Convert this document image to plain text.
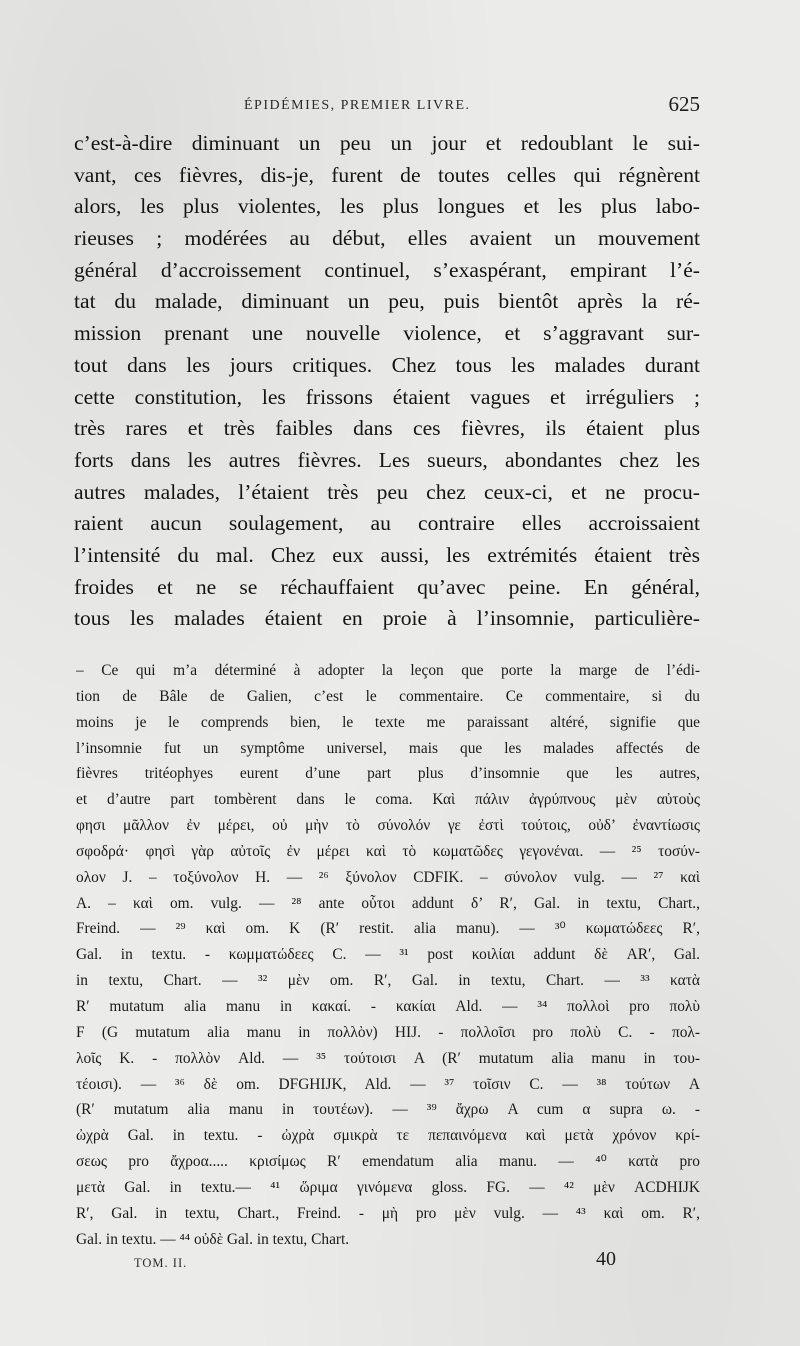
ÉPIDÉMIES, PREMIER LIVRE.	625
c’est-à-dire diminuant un peu un jour et redoublant le sui-
vant, ces fièvres, dis-je, furent de toutes celles qui régnèrent
alors, les plus violentes, les plus longues et les plus labo-
rieuses ; modérées au début, elles avaient un mouvement
général d’accroissement continuel, s’exaspérant, empirant l’é-
tat du malade, diminuant un peu, puis bientôt après la ré-
mission prenant une nouvelle violence, et s’aggravant sur-
tout dans les jours critiques. Chez tous les malades durant
cette constitution, les frissons étaient vagues et irréguliers ;
très rares et très faibles dans ces fièvres, ils étaient plus
forts dans les autres fièvres. Les sueurs, abondantes chez les
autres malades, l’étaient très peu chez ceux-ci, et ne procu-
raient aucun soulagement, au contraire elles accroissaient
l’intensité du mal. Chez eux aussi, les extrémités étaient très
froides et ne se réchauffaient qu’avec peine. En général,
tous les malades étaient en proie à l’insomnie, particulière-
– Ce qui m’a déterminé à adopter la leçon que porte la marge de l’édi-
tion de Bâle de Galien, c’est le commentaire. Ce commentaire, si du
moins je le comprends bien, le texte me paraissant altéré, signifie que
l’insomnie fut un symptôme universel, mais que les malades affectés de
fièvres tritéophyes eurent d’une part plus d’insomnie que les autres,
et d’autre part tombèrent dans le coma. Καὶ πάλιν ἀγρύπνους μὲν αὐτοὺς
φησι μᾶλλον ἐν μέρει, οὐ μὴν τὸ σύνολόν γε ἐστὶ τούτοις, οὐδ’ ἐναντίωσις
σφοδρά· φησὶ γὰρ αὐτοῖς ἐν μέρει καὶ τὸ κωματῶδες γεγονέναι. — ²⁵ τοσύν-
ολον J. – τοξύνολον H. — ²⁶ ξύνολον CDFIK. – σύνολον vulg. — ²⁷ καὶ
A. – καὶ om. vulg. — ²⁸ ante οὗτοι addunt δ’ R′, Gal. in textu, Chart.,
Freind. — ²⁹ καὶ om. K (R′ restit. alia manu). — ³⁰ κωματώδεες R′,
Gal. in textu. - κωμματώδεες C. — ³¹ post κοιλίαι addunt δὲ AR′, Gal.
in textu, Chart. — ³² μὲν om. R′, Gal. in textu, Chart. — ³³ κατὰ
R′ mutatum alia manu in κακαί. - κακίαι Ald. — ³⁴ πολλοὶ pro πολὺ
F (G mutatum alia manu in πολλὸν) HIJ. - πολλοῖσι pro πολὺ C. - πολ-
λοῖς K. - πολλὸν Ald. — ³⁵ τούτοισι A (R′ mutatum alia manu in του-
τέοισι). — ³⁶ δὲ om. DFGHIJK, Ald. — ³⁷ τοῖσιν C. — ³⁸ τούτων A
(R′ mutatum alia manu in τουτέων). — ³⁹ ἄχρω A cum α supra ω. -
ὠχρὰ Gal. in textu. - ὠχρὰ σμικρὰ τε πεπαινόμενα καὶ μετὰ χρόνον κρί-
σεως pro ἄχροα..... κρισίμως R′ emendatum alia manu. — ⁴⁰ κατὰ pro
μετὰ Gal. in textu.— ⁴¹ ὥριμα γινόμενα gloss. FG. — ⁴² μὲν ACDHIJK
R′, Gal. in textu, Chart., Freind. - μὴ pro μὲν vulg. — ⁴³ καὶ om. R′,
Gal. in textu. — ⁴⁴ οὐδὲ Gal. in textu, Chart.
TOM. II.	40
